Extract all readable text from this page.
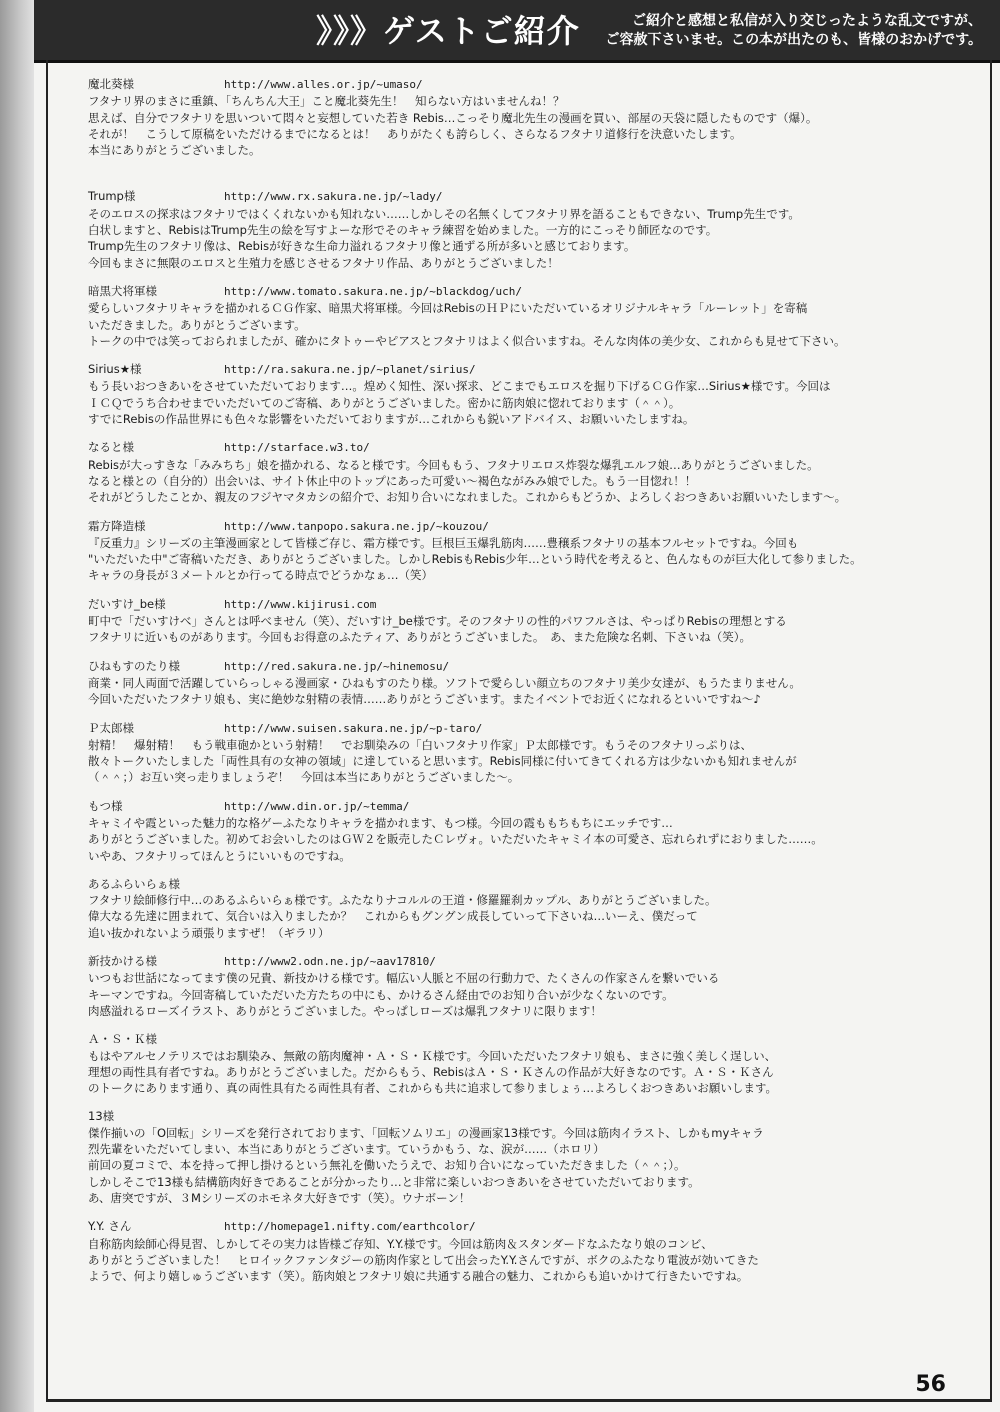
》》》ゲストご紹介	ご紹介と感想と私信が入り交じったような乱文ですが、
ご容赦下さいませ。この本が出たのも、皆様のおかげです。
魔北葵様	http://www.alles.or.jp/~umaso/
フタナリ界のまさに重鎮、「ちんちん大王」こと魔北葵先生！　知らない方はいませんね！？
思えば、自分でフタナリを思いついて悶々と妄想していた若き Rebis…こっそり魔北先生の漫画を買い、部屋の天袋に隠したものです（爆）。
それが！　こうして原稿をいただけるまでになるとは！　ありがたくも誇らしく、さらなるフタナリ道修行を決意いたします。
本当にありがとうございました。
Trump様	http://www.rx.sakura.ne.jp/~lady/
そのエロスの探求はフタナリではくくれないかも知れない……しかしその名無くしてフタナリ界を語ることもできない、Trump先生です。
白状しますと、RebisはTrump先生の絵を写すよーな形でそのキャラ練習を始めました。一方的にこっそり師匠なのです。
Trump先生のフタナリ像は、Rebisが好きな生命力溢れるフタナリ像と通ずる所が多いと感じております。
今回もまさに無限のエロスと生殖力を感じさせるフタナリ作品、ありがとうございました！
暗黒犬将軍様	http://www.tomato.sakura.ne.jp/~blackdog/uch/
愛らしいフタナリキャラを描かれるＣＧ作家、暗黒犬将軍様。今回はRebisのＨＰにいただいているオリジナルキャラ「ルーレット」を寄稿
いただきました。ありがとうございます。
トークの中では笑っておられましたが、確かにタトゥーやピアスとフタナリはよく似合いますね。そんな肉体の美少女、これからも見せて下さい。
Sirius★様	http://ra.sakura.ne.jp/~planet/sirius/
もう長いおつきあいをさせていただいております…。煌めく知性、深い探求、どこまでもエロスを掘り下げるＣＧ作家…Sirius★様です。今回は
ＩＣＱでうち合わせまでいただいてのご寄稿、ありがとうございました。密かに筋肉娘に惚れております（＾＾）。
すでにRebisの作品世界にも色々な影響をいただいておりますが…これからも鋭いアドバイス、お願いいたしますね。
なると様	http://starface.w3.to/
Rebisが大っすきな「みみちち」娘を描かれる、なると様です。今回ももう、フタナリエロス炸裂な爆乳エルフ娘…ありがとうございました。
なると様との（自分的）出会いは、サイト休止中のトップにあった可愛い～褐色ながみみ娘でした。もう一目惚れ！！
それがどうしたことか、親友のフジヤマタカシの紹介で、お知り合いになれました。これからもどうか、よろしくおつきあいお願いいたします～。
霜方降造様	http://www.tanpopo.sakura.ne.jp/~kouzou/
『反重力』シリーズの主筆漫画家として皆様ご存じ、霜方様です。巨根巨玉爆乳筋肉……豊穣系フタナリの基本フルセットですね。今回も
"いただいた中"ご寄稿いただき、ありがとうございました。しかしRebisもRebis少年…という時代を考えると、色んなものが巨大化して参りました。
キャラの身長が３メートルとか行ってる時点でどうかなぁ…（笑）
だいすけ_be様	http://www.kijirusi.com
町中で「だいすけべ」さんとは呼べません（笑）、だいすけ_be様です。そのフタナリの性的パワフルさは、やっぱりRebisの理想とする
フタナリに近いものがあります。今回もお得意のふたティア、ありがとうございました。　あ、また危険な名刺、下さいね（笑）。
ひねもすのたり様	http://red.sakura.ne.jp/~hinemosu/
商業・同人両面で活躍していらっしゃる漫画家・ひねもすのたり様。ソフトで愛らしい顔立ちのフタナリ美少女達が、もうたまりません。
今回いただいたフタナリ娘も、実に絶妙な射精の表情……ありがとうございます。またイベントでお近くになれるといいですね～♪
Ｐ太郎様	http://www.suisen.sakura.ne.jp/~p-taro/
射精！　爆射精！　もう戦車砲かという射精！　でお馴染みの「白いフタナリ作家」Ｐ太郎様です。もうそのフタナリっぷりは、
散々トークいたしました「両性具有の女神の領域」に達していると思います。Rebis同様に付いてきてくれる方は少ないかも知れませんが
（＾＾；）お互い突っ走りましょうぞ！　今回は本当にありがとうございました～。
もつ様	http://www.din.or.jp/~temma/
キャミイや霞といった魅力的な格ゲーふたなりキャラを描かれます、もつ様。今回の霞ももちもちにエッチです…
ありがとうございました。初めてお会いしたのはＧＷ２を販売したＣレヴォ。いただいたキャミイ本の可愛さ、忘れられずにおりました……。
いやあ、フタナリってほんとうにいいものですね。
あるふらいらぁ様
フタナリ絵師修行中…のあるふらいらぁ様です。ふたなりナコルルの王道・修羅羅刹カップル、ありがとうございました。
偉大なる先達に囲まれて、気合いは入りましたか？　これからもグングン成長していって下さいね…いーえ、僕だって
追い抜かれないよう頑張りますぜ！（ギラリ）
新技かける様	http://www2.odn.ne.jp/~aav17810/
いつもお世話になってます僕の兄貴、新技かける様です。幅広い人脈と不屈の行動力で、たくさんの作家さんを繋いでいる
キーマンですね。今回寄稿していただいた方たちの中にも、かけるさん経由でのお知り合いが少なくないのです。
肉感溢れるローズイラスト、ありがとうございました。やっぱしローズは爆乳フタナリに限ります！
Ａ・Ｓ・Ｋ様
もはやアルセノテリスではお馴染み、無敵の筋肉魔神・Ａ・Ｓ・Ｋ様です。今回いただいたフタナリ娘も、まさに強く美しく逞しい、
理想の両性具有者ですね。ありがとうございました。だからもう、RebisはＡ・Ｓ・Ｋさんの作品が大好きなのです。Ａ・Ｓ・Ｋさん
のトークにあります通り、真の両性具有たる両性具有者、これからも共に追求して参りましょぅ…よろしくおつきあいお願いします。
13様
傑作揃いの「O回転」シリーズを発行されております、「回転ソムリエ」の漫画家13様です。今回は筋肉イラスト、しかもmyキャラ
烈先輩をいただいてしまい、本当にありがとうございます。ていうかもう、な、涙が……（ホロリ）
前回の夏コミで、本を持って押し掛けるという無礼を働いたうえで、お知り合いになっていただきました（＾＾；）。
しかしそこで13様も結構筋肉好きであることが分かったり…と非常に楽しいおつきあいをさせていただいております。
あ、唐突ですが、３Mシリーズのホモネタ大好きです（笑）。ウナボーン！
Y.Y. さん	http://homepage1.nifty.com/earthcolor/
自称筋肉絵師心得見習、しかしてその実力は皆様ご存知、Y.Y.様です。今回は筋肉＆スタンダードなふたなり娘のコンビ、
ありがとうございました！　ヒロイックファンタジーの筋肉作家として出会ったY.Y.さんですが、ボクのふたなり電波が効いてきた
ようで、何より嬉しゅうございます（笑）。筋肉娘とフタナリ娘に共通する融合の魅力、これからも追いかけて行きたいですね。
56
